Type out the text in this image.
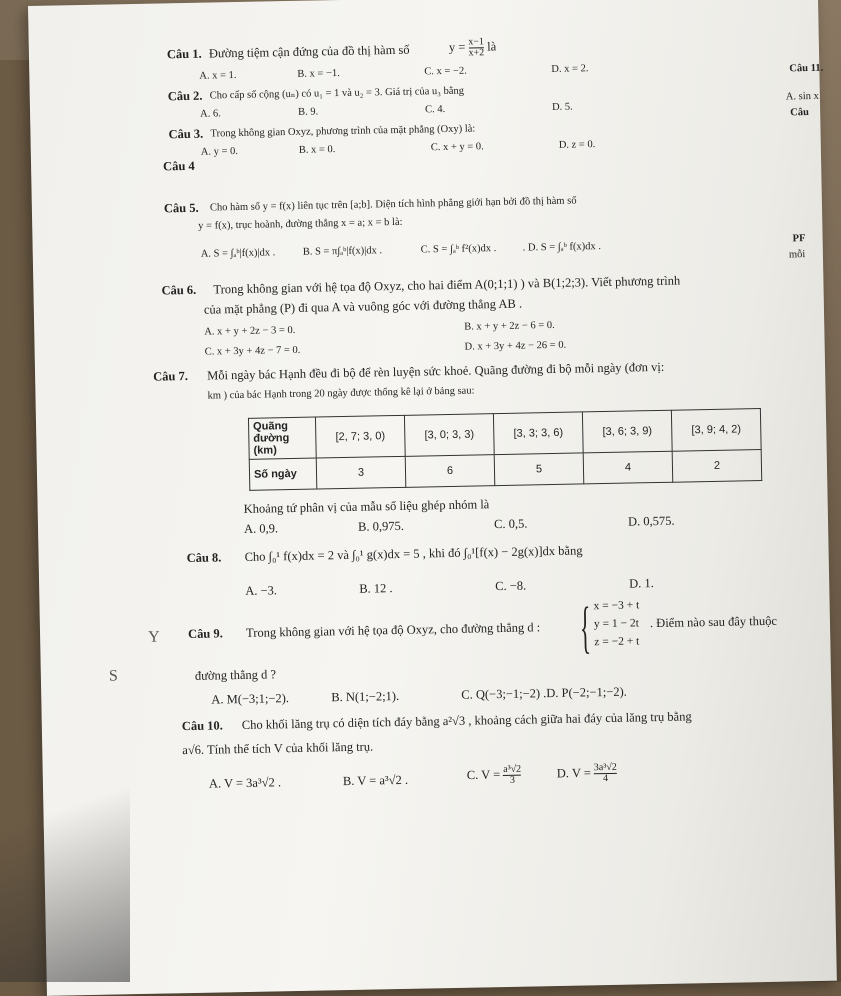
Câu 1. Đường tiệm cận đứng của đồ thị hàm số	$y = \frac{x-1}{x+2}$ là
A. x = 1.	B. x = −1.	C. x = −2.	D. x = 2.
Câu 2. Cho cấp số cộng (uₙ) có u₁ = 1 và u₂ = 3. Giá trị của u₃ bằng
A. 6.	B. 9.	C. 4.	D. 5.
Câu 3. Trong không gian Oxyz, phương trình của mặt phẳng (Oxy) là:
A. y = 0.	B. x = 0.	C. x + y = 0.	D. z = 0.
Câu 4
Câu 5. Cho hàm số y = f(x) liên tục trên [a;b]. Diện tích hình phẳng giới hạn bởi đồ thị hàm số
y = f(x), trục hoành, đường thẳng x = a; x = b là:
A. S = ∫ₐᵇ|f(x)|dx .	B. S = π∫ₐᵇ|f(x)|dx .	C. S = ∫ₐᵇ f²(x)dx .	. D. S = ∫ₐᵇ f(x)dx .
Câu 6. Trong không gian với hệ tọa độ Oxyz, cho hai điểm A(0;1;1) ) và B(1;2;3). Viết phương trình
của mặt phẳng (P) đi qua A và vuông góc với đường thẳng AB .
A. x + y + 2z − 3 = 0.	B. x + y + 2z − 6 = 0.
C. x + 3y + 4z − 7 = 0.	D. x + 3y + 4z − 26 = 0.
Câu 7. Mỗi ngày bác Hạnh đều đi bộ để rèn luyện sức khoẻ. Quãng đường đi bộ mỗi ngày (đơn vị:
km ) của bác Hạnh trong 20 ngày được thống kê lại ở bảng sau:
Quãng đường (km)	[2, 7; 3, 0)	[3, 0; 3, 3)	[3, 3; 3, 6)	[3, 6; 3, 9)	[3, 9; 4, 2)
Số ngày	3	6	5	4	2
Khoảng tứ phân vị của mẫu số liệu ghép nhóm là
A. 0,9.	B. 0,975.	C. 0,5.	D. 0,575.
Câu 8. Cho ∫₀¹ f(x)dx = 2 và ∫₀¹ g(x)dx = 5 , khi đó ∫₀¹[f(x) − 2g(x)]dx bằng
A. −3.	B. 12 .	C. −8.	D. 1.
Y
S
Câu 9. Trong không gian với hệ tọa độ Oxyz, cho đường thẳng d : { x = −3 + t
y = 1 − 2t
z = −2 + t
. Điểm nào sau đây thuộc
đường thẳng d ?
A. M(−3;1;−2).	B. N(1;−2;1).	C. Q(−3;−1;−2) .D. P(−2;−1;−2).
Câu 10. Cho khối lăng trụ có diện tích đáy bằng a²√3 , khoảng cách giữa hai đáy của lăng trụ bằng
a√6. Tính thể tích V của khối lăng trụ.
A. V = 3a³√2 .	B. V = a³√2 .	C. $V = \frac{\text{a³√2}}{3}$	D. $V = \frac{\text{3a³√2}}{4}$
Câu 11.
A. sin x
Câu
PF
mỗi
